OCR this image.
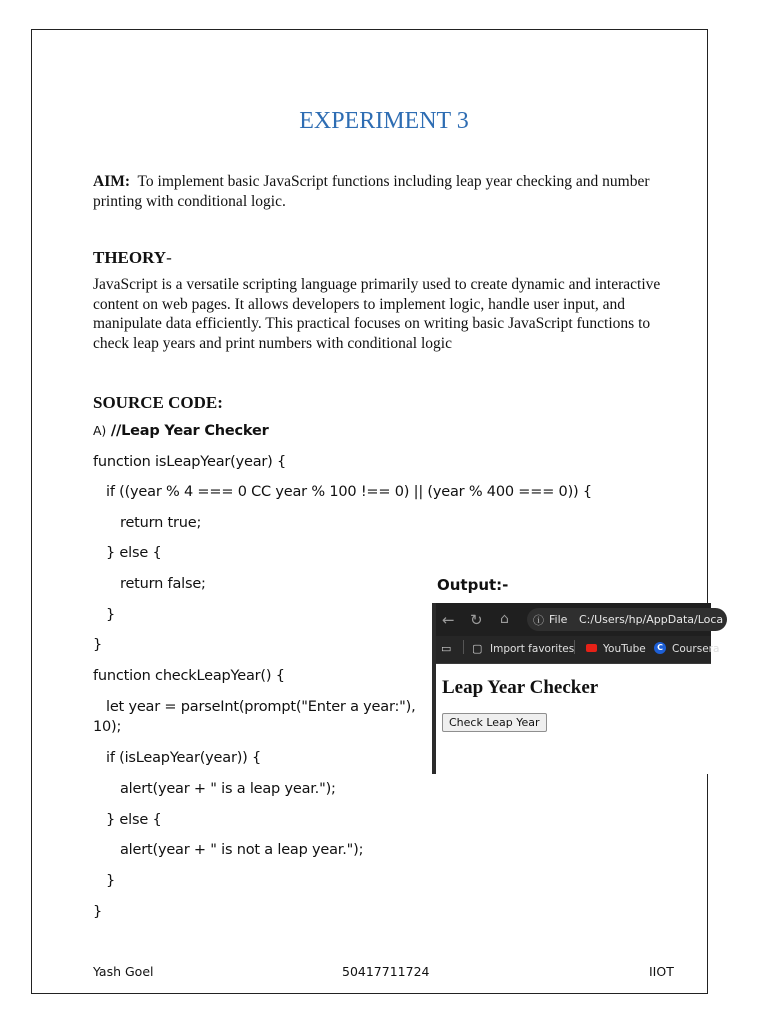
EXPERIMENT 3
AIM:  To implement basic JavaScript functions including leap year checking and number printing with conditional logic.
THEORY-
JavaScript is a versatile scripting language primarily used to create dynamic and interactive content on web pages. It allows developers to implement logic, handle user input, and manipulate data efficiently. This practical focuses on writing basic JavaScript functions to check leap years and print numbers with conditional logic
SOURCE CODE:
A) //Leap Year Checker
function isLeapYear(year) {
if ((year % 4 === 0 CC year % 100 !== 0) || (year % 400 === 0)) {
return true;
} else {
return false;
}
}
function checkLeapYear() {
let year = parseInt(prompt("Enter a year:"),
10);
if (isLeapYear(year)) {
alert(year + " is a leap year.");
} else {
alert(year + " is not a leap year.");
}
}
Output:-
← ↻ ⌂ ⓘ File C:/Users/hp/AppData/Loca
▭ ▢ Import favorites	YouTube	C Coursera
Leap Year Checker
Check Leap Year
Yash Goel	50417711724	IIOT
